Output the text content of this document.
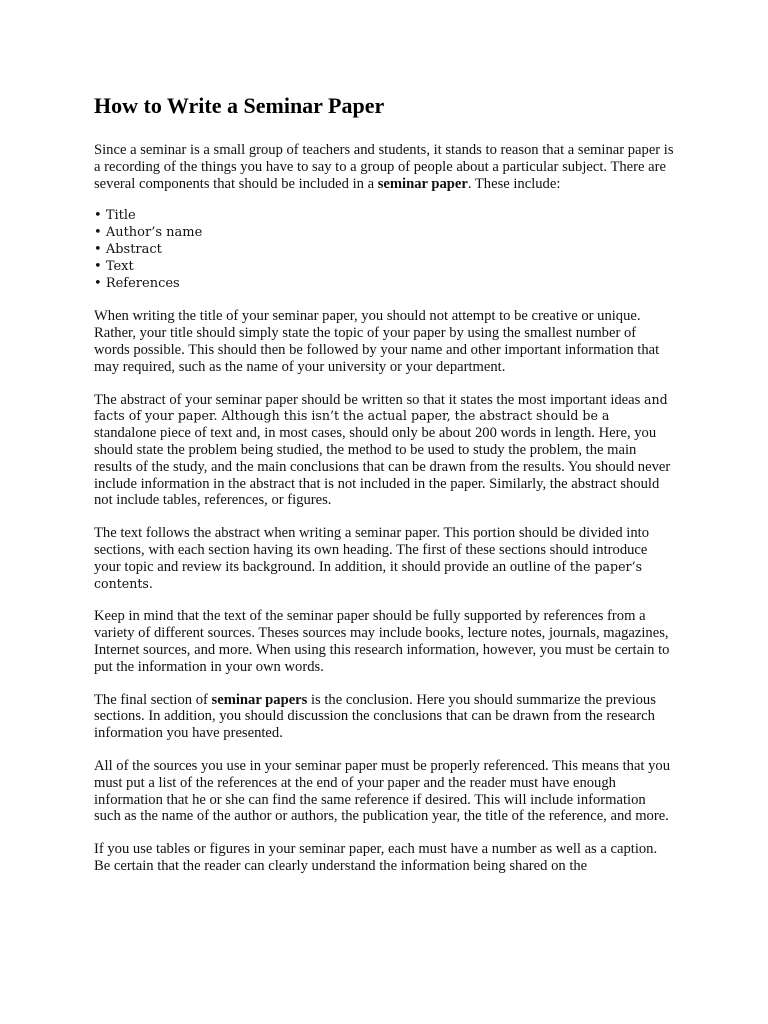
How to Write a Seminar Paper

Since a seminar is a small group of teachers and students, it stands to reason that a seminar paper is a recording of the things you have to say to a group of people about a particular subject. There are several components that should be included in a seminar paper. These include:

• Title
• Author’s name
• Abstract
• Text
• References

When writing the title of your seminar paper, you should not attempt to be creative or unique. Rather, your title should simply state the topic of your paper by using the smallest number of words possible. This should then be followed by your name and other important information that may required, such as the name of your university or your department.

The abstract of your seminar paper should be written so that it states the most important ideas and facts of your paper. Although this isn’t the actual paper, the abstract should be a standalone piece of text and, in most cases, should only be about 200 words in length. Here, you should state the problem being studied, the method to be used to study the problem, the main results of the study, and the main conclusions that can be drawn from the results. You should never include information in the abstract that is not included in the paper. Similarly, the abstract should not include tables, references, or figures.

The text follows the abstract when writing a seminar paper. This portion should be divided into sections, with each section having its own heading. The first of these sections should introduce your topic and review its background. In addition, it should provide an outline of the paper’s contents.

Keep in mind that the text of the seminar paper should be fully supported by references from a variety of different sources. Theses sources may include books, lecture notes, journals, magazines, Internet sources, and more. When using this research information, however, you must be certain to put the information in your own words.

The final section of seminar papers is the conclusion. Here you should summarize the previous sections. In addition, you should discussion the conclusions that can be drawn from the research information you have presented.

All of the sources you use in your seminar paper must be properly referenced. This means that you must put a list of the references at the end of your paper and the reader must have enough information that he or she can find the same reference if desired. This will include information such as the name of the author or authors, the publication year, the title of the reference, and more.

If you use tables or figures in your seminar paper, each must have a number as well as a caption. Be certain that the reader can clearly understand the information being shared on the
